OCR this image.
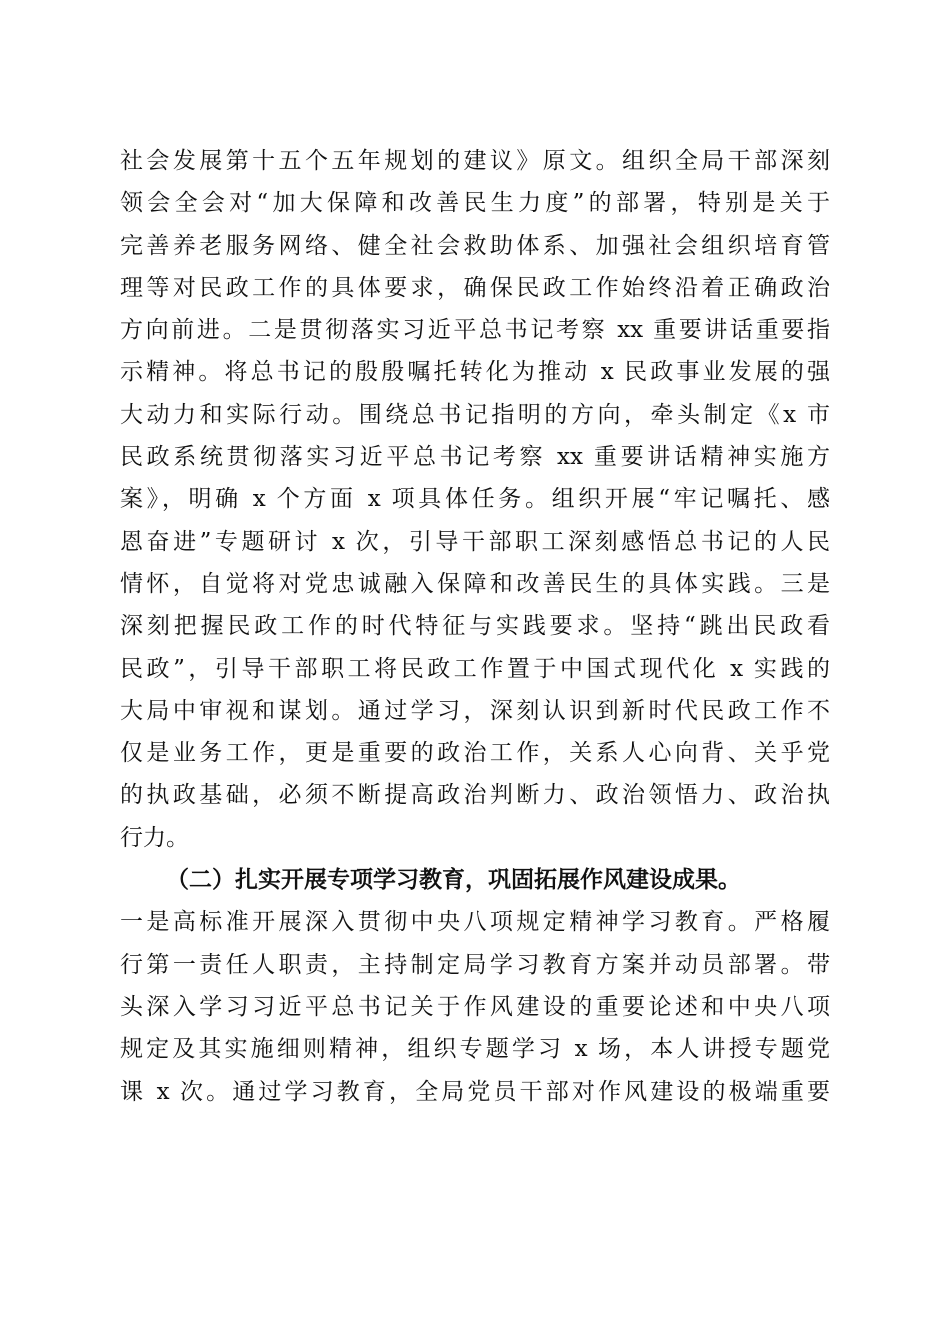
社会发展第十五个五年规划的建议》原文。组织全局干部深刻
领会全会对“加大保障和改善民生力度”的部署，特别是关于
完善养老服务网络、健全社会救助体系、加强社会组织培育管
理等对民政工作的具体要求，确保民政工作始终沿着正确政治
方向前进。二是贯彻落实习近平总书记考察 xx 重要讲话重要指
示精神。将总书记的殷殷嘱托转化为推动 x 民政事业发展的强
大动力和实际行动。围绕总书记指明的方向，牵头制定《x 市
民政系统贯彻落实习近平总书记考察 xx 重要讲话精神实施方
案》，明确 x 个方面 x 项具体任务。组织开展“牢记嘱托、感
恩奋进”专题研讨 x 次，引导干部职工深刻感悟总书记的人民
情怀，自觉将对党忠诚融入保障和改善民生的具体实践。三是
深刻把握民政工作的时代特征与实践要求。坚持“跳出民政看
民政”，引导干部职工将民政工作置于中国式现代化 x 实践的
大局中审视和谋划。通过学习，深刻认识到新时代民政工作不
仅是业务工作，更是重要的政治工作，关系人心向背、关乎党
的执政基础，必须不断提高政治判断力、政治领悟力、政治执
行力。
（二）扎实开展专项学习教育，巩固拓展作风建设成果。
一是高标准开展深入贯彻中央八项规定精神学习教育。严格履
行第一责任人职责，主持制定局学习教育方案并动员部署。带
头深入学习习近平总书记关于作风建设的重要论述和中央八项
规定及其实施细则精神，组织专题学习 x 场，本人讲授专题党
课 x 次。通过学习教育，全局党员干部对作风建设的极端重要
